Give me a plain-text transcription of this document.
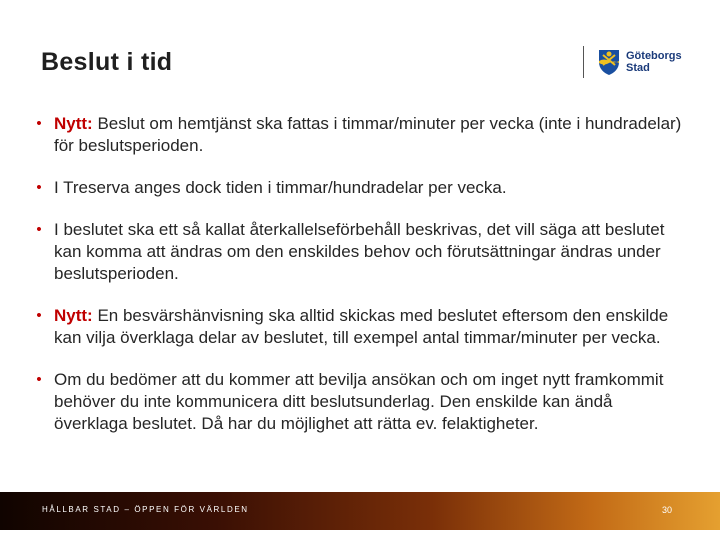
Beslut i tid	Göteborgs
Stad
• Nytt: Beslut om hemtjänst ska fattas i timmar/minuter per vecka (inte i hundradelar) för beslutsperioden.
• I Treserva anges dock tiden i timmar/hundradelar per vecka.
• I beslutet ska ett så kallat återkallelseförbehåll beskrivas, det vill säga att beslutet kan komma att ändras om den enskildes behov och förutsättningar ändras under beslutsperioden.
• Nytt: En besvärshänvisning ska alltid skickas med beslutet eftersom den enskilde kan vilja överklaga delar av beslutet, till exempel antal timmar/minuter per vecka.
• Om du bedömer att du kommer att bevilja ansökan och om inget nytt framkommit behöver du inte kommunicera ditt beslutsunderlag. Den enskilde kan ändå överklaga beslutet. Då har du möjlighet att rätta ev. felaktigheter.
HÅLLBAR STAD – ÖPPEN FÖR VÄRLDEN	30
